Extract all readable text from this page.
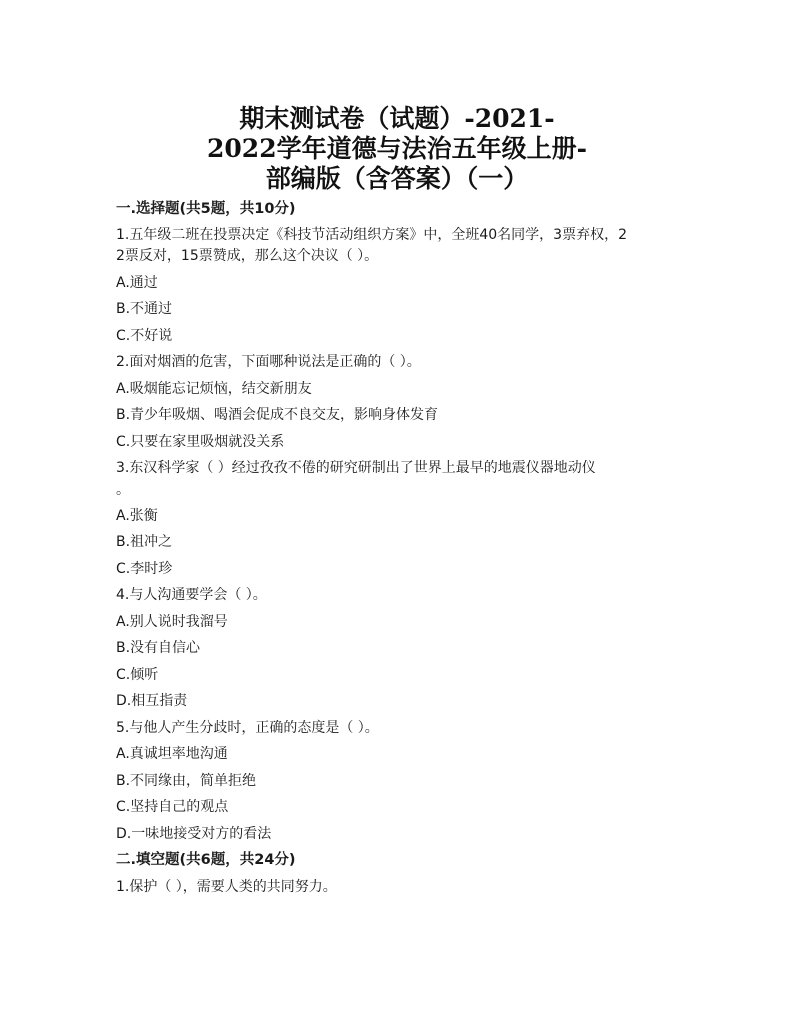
期末测试卷（试题）-2021-
2022学年道德与法治五年级上册-
部编版（含答案）（一）
一.选择题(共5题，共10分)
1.五年级二班在投票决定《科技节活动组织方案》中，全班40名同学，3票弃权，2
2票反对，15票赞成，那么这个决议（ ）。
A.通过
B.不通过
C.不好说
2.面对烟酒的危害，下面哪种说法是正确的（ ）。
A.吸烟能忘记烦恼，结交新朋友
B.青少年吸烟、喝酒会促成不良交友，影响身体发育
C.只要在家里吸烟就没关系
3.东汉科学家（ ）经过孜孜不倦的研究研制出了世界上最早的地震仪器地动仪
。
A.张衡
B.祖冲之
C.李时珍
4.与人沟通要学会（ ）。
A.别人说时我溜号
B.没有自信心
C.倾听
D.相互指责
5.与他人产生分歧时，正确的态度是（ ）。
A.真诚坦率地沟通
B.不同缘由，简单拒绝
C.坚持自己的观点
D.一味地接受对方的看法
二.填空题(共6题，共24分)
1.保护（ ），需要人类的共同努力。
